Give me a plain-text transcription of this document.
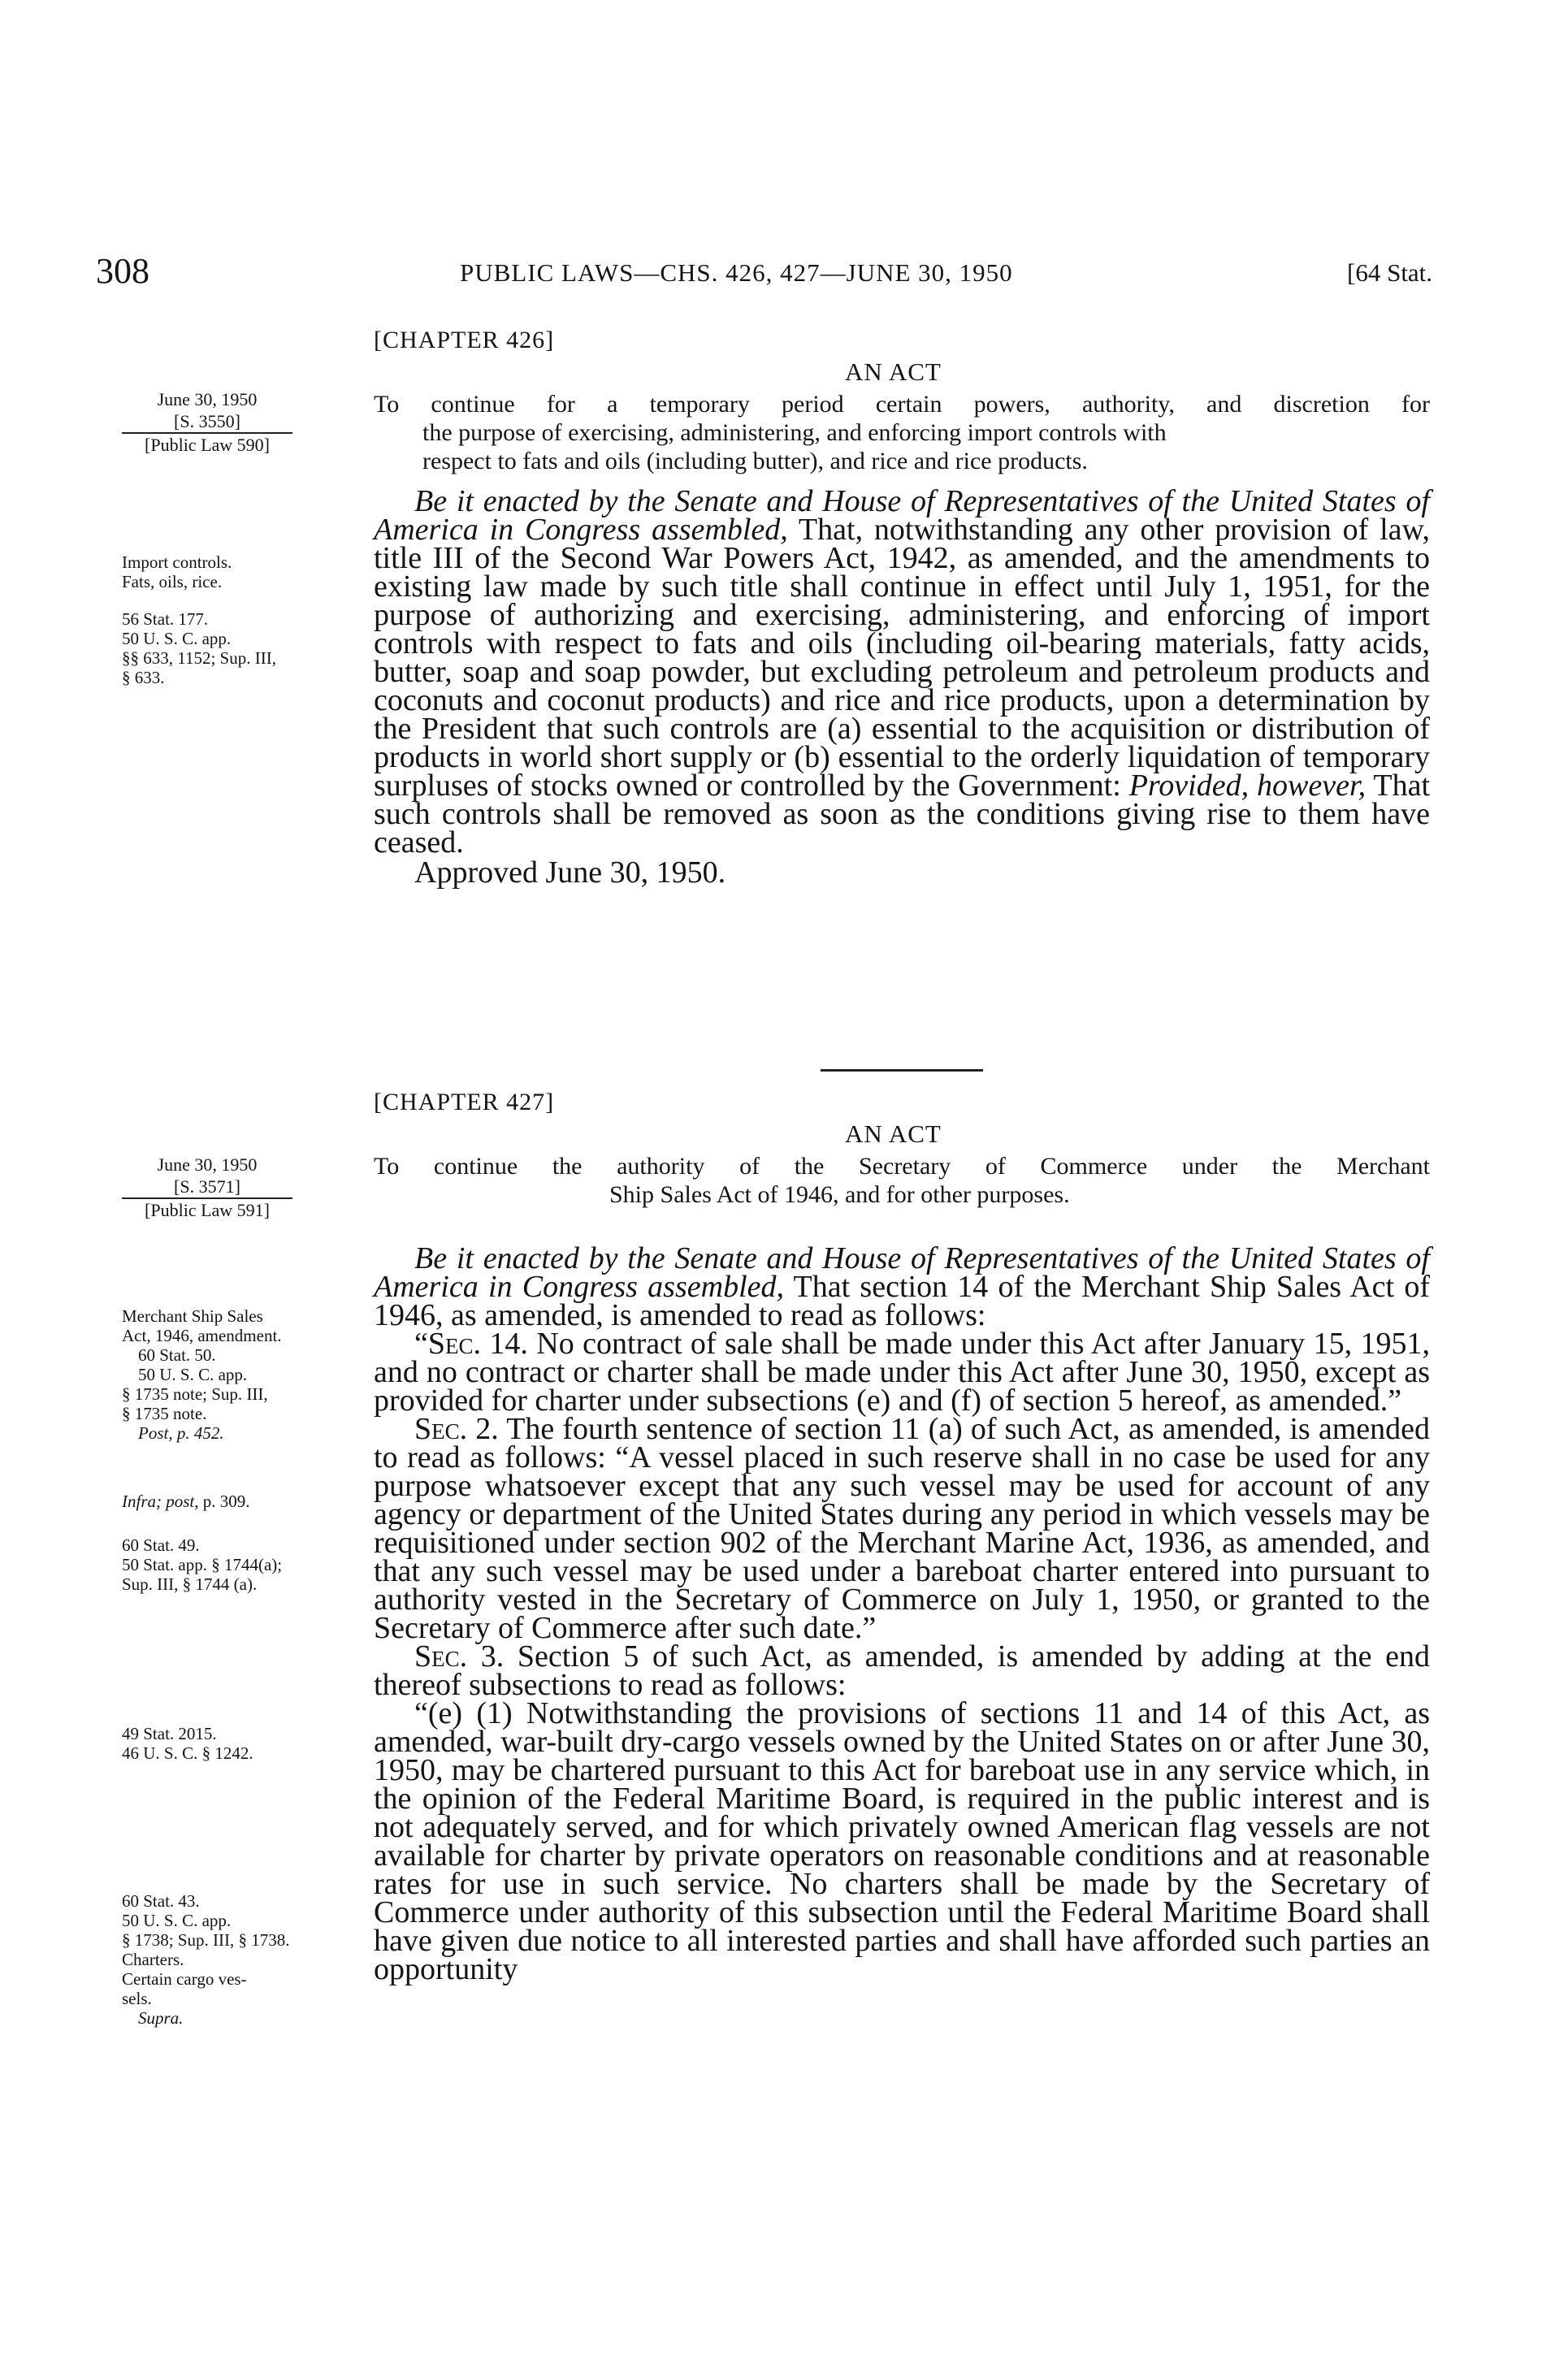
308	PUBLIC LAWS—CHS. 426, 427—JUNE 30, 1950	[64 Stat.
[CHAPTER 426]
AN ACT
June 30, 1950
[S. 3550]
[Public Law 590]
To continue for a temporary period certain powers, authority, and discretion for
the purpose of exercising, administering, and enforcing import controls with
respect to fats and oils (including butter), and rice and rice products.
Import controls.
Fats, oils, rice.
56 Stat. 177.
50 U. S. C. app.
§§ 633, 1152; Sup. III,
§ 633.

Be it enacted by the Senate and House of Representatives of the United States of America in Congress assembled, That, notwithstanding any other provision of law, title III of the Second War Powers Act, 1942, as amended, and the amendments to existing law made by such title shall continue in effect until July 1, 1951, for the purpose of authorizing and exercising, administering, and enforcing of import controls with respect to fats and oils (including oil-bearing materials, fatty acids, butter, soap and soap powder, but excluding petroleum and petroleum products and coconuts and coconut products) and rice and rice products, upon a determination by the President that such controls are (a) essential to the acquisition or distribution of products in world short supply or (b) essential to the orderly liquidation of temporary surpluses of stocks owned or controlled by the Government: Provided, however, That such controls shall be removed as soon as the conditions giving rise to them have ceased.

Approved June 30, 1950.

[CHAPTER 427]
AN ACT
June 30, 1950
[S. 3571]
[Public Law 591]
To continue the authority of the Secretary of Commerce under the Merchant
Ship Sales Act of 1946, and for other purposes.
Merchant Ship Sales
Act, 1946, amendment.
60 Stat. 50.
50 U. S. C. app.
§ 1735 note; Sup. III,
§ 1735 note.
Post, p. 452.
Infra; post, p. 309.
60 Stat. 49.
50 Stat. app. § 1744(a);
Sup. III, § 1744 (a).
49 Stat. 2015.
46 U. S. C. § 1242.
60 Stat. 43.
50 U. S. C. app.
§ 1738; Sup. III, § 1738.
Charters.
Certain cargo ves-
sels.
Supra.

Be it enacted by the Senate and House of Representatives of the United States of America in Congress assembled, That section 14 of the Merchant Ship Sales Act of 1946, as amended, is amended to read as follows:

“Sec. 14. No contract of sale shall be made under this Act after January 15, 1951, and no contract or charter shall be made under this Act after June 30, 1950, except as provided for charter under subsections (e) and (f) of section 5 hereof, as amended.”

Sec. 2. The fourth sentence of section 11 (a) of such Act, as amended, is amended to read as follows: “A vessel placed in such reserve shall in no case be used for any purpose whatsoever except that any such vessel may be used for account of any agency or department of the United States during any period in which vessels may be requisitioned under section 902 of the Merchant Marine Act, 1936, as amended, and that any such vessel may be used under a bareboat charter entered into pursuant to authority vested in the Secretary of Commerce on July 1, 1950, or granted to the Secretary of Commerce after such date.”

Sec. 3. Section 5 of such Act, as amended, is amended by adding at the end thereof subsections to read as follows:

“(e) (1) Notwithstanding the provisions of sections 11 and 14 of this Act, as amended, war-built dry-cargo vessels owned by the United States on or after June 30, 1950, may be chartered pursuant to this Act for bareboat use in any service which, in the opinion of the Federal Maritime Board, is required in the public interest and is not adequately served, and for which privately owned American flag vessels are not available for charter by private operators on reasonable conditions and at reasonable rates for use in such service. No charters shall be made by the Secretary of Commerce under authority of this subsection until the Federal Maritime Board shall have given due notice to all interested parties and shall have afforded such parties an opportunity
